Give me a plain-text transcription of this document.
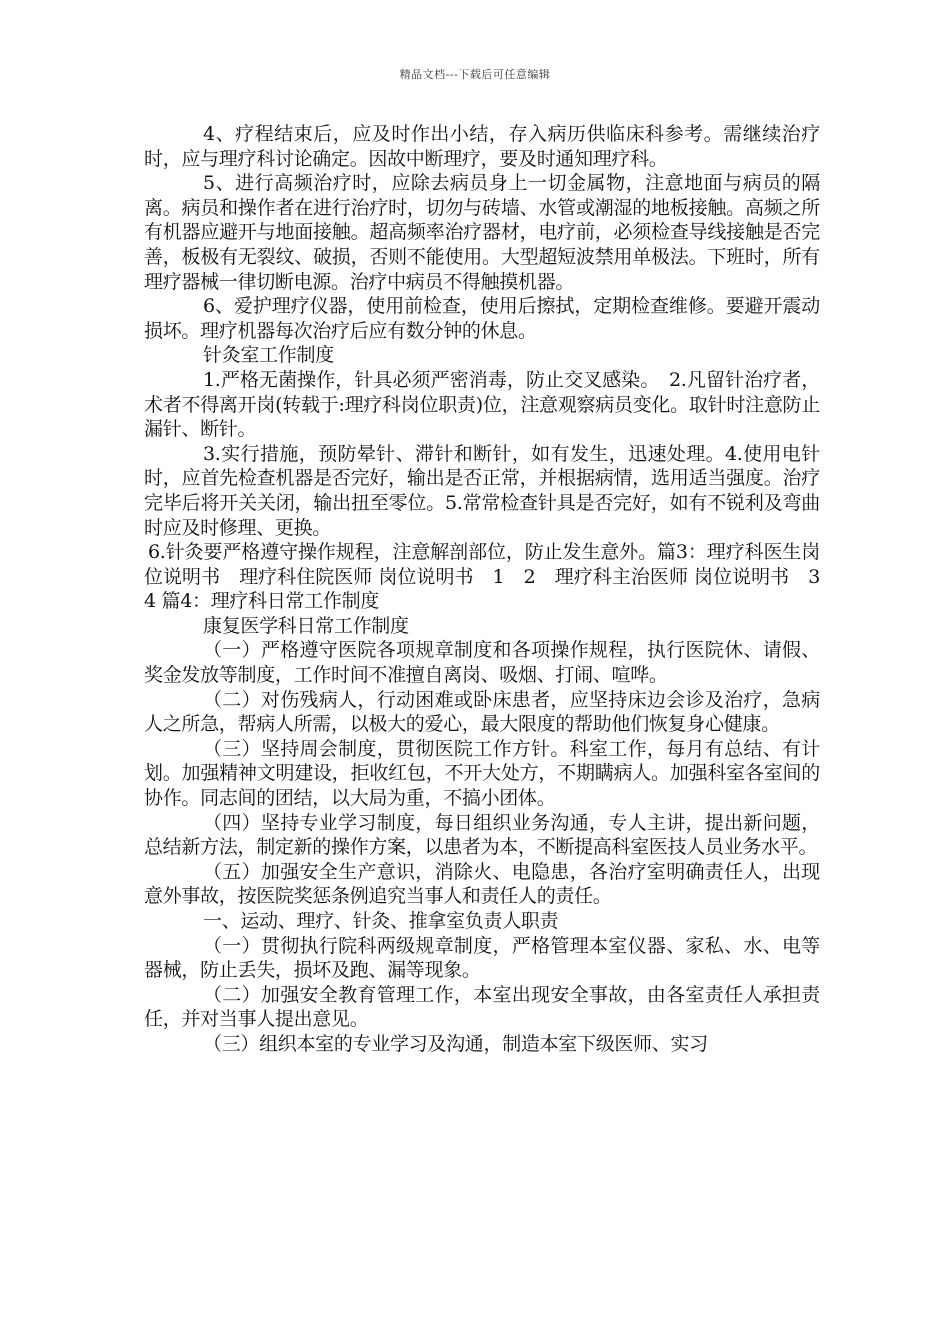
精品文档---下载后可任意编辑

4、疗程结束后，应及时作出小结，存入病历供临床科参考。需继续治疗时，应与理疗科讨论确定。因故中断理疗，要及时通知理疗科。

5、进行高频治疗时，应除去病员身上一切金属物，注意地面与病员的隔离。病员和操作者在进行治疗时，切勿与砖墙、水管或潮湿的地板接触。高频之所有机器应避开与地面接触。超高频率治疗器材，电疗前，必须检查导线接触是否完善，板极有无裂纹、破损，否则不能使用。大型超短波禁用单极法。下班时，所有理疗器械一律切断电源。治疗中病员不得触摸机器。

6、爱护理疗仪器，使用前检查，使用后擦拭，定期检查维修。要避开震动损坏。理疗机器每次治疗后应有数分钟的休息。

针灸室工作制度

1.严格无菌操作，针具必须严密消毒，防止交叉感染。　2.凡留针治疗者，术者不得离开岗(转载于:理疗科岗位职责)位，注意观察病员变化。取针时注意防止漏针、断针。

3.实行措施，预防晕针、滞针和断针，如有发生，迅速处理。4.使用电针时，应首先检查机器是否完好，输出是否正常，并根据病情，选用适当强度。治疗完毕后将开关关闭，输出扭至零位。5.常常检查针具是否完好，如有不锐利及弯曲时应及时修理、更换。

6.针灸要严格遵守操作规程，注意解剖部位，防止发生意外。篇3：理疗科医生岗位说明书　理疗科住院医师 岗位说明书　1　2　理疗科主治医师 岗位说明书　3　4 篇4：理疗科日常工作制度

康复医学科日常工作制度

（一）严格遵守医院各项规章制度和各项操作规程，执行医院休、请假、奖金发放等制度，工作时间不准擅自离岗、吸烟、打闹、喧哗。

（二）对伤残病人，行动困难或卧床患者，应坚持床边会诊及治疗，急病人之所急，帮病人所需，以极大的爱心，最大限度的帮助他们恢复身心健康。

（三）坚持周会制度，贯彻医院工作方针。科室工作，每月有总结、有计划。加强精神文明建设，拒收红包，不开大处方，不期瞒病人。加强科室各室间的协作。同志间的团结，以大局为重，不搞小团体。

（四）坚持专业学习制度，每日组织业务沟通，专人主讲，提出新问题，总结新方法，制定新的操作方案，以患者为本，不断提高科室医技人员业务水平。

（五）加强安全生产意识，消除火、电隐患，各治疗室明确责任人，出现意外事故，按医院奖惩条例追究当事人和责任人的责任。

一、运动、理疗、针灸、推拿室负责人职责

（一）贯彻执行院科两级规章制度，严格管理本室仪器、家私、水、电等器械，防止丢失，损坏及跑、漏等现象。

（二）加强安全教育管理工作，本室出现安全事故，由各室责任人承担责任，并对当事人提出意见。

（三）组织本室的专业学习及沟通，制造本室下级医师、实习
